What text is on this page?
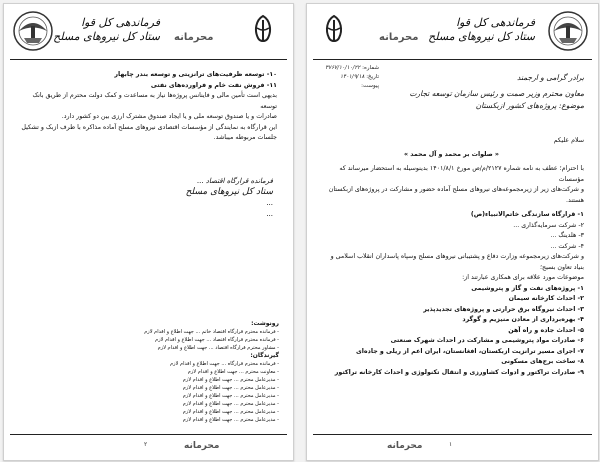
فرماندهی کل قوا
ستاد کل نیروهای مسلح محرمانه
۱۰- توسعه ظرفیت‌های ترانزیتی و توسعه بندر چابهار
۱۱- فروش نفت خام و فراورده‌های نفتی
بدیهی است تأمین مالی و فاینانس پروژه‌ها نیاز به مساعدت و کمک دولت محترم از طریق بانک توسعه
صادرات و یا صندوق توسعه ملی و یا ایجاد صندوق مشترک ارزی بین دو کشور دارد.
این قرارگاه به نمایندگی از مؤسسات اقتصادی نیروهای مسلح آماده مذاکره با طرف ازبک و تشکیل
جلسات مربوطه میباشد.
فرمانده قرارگاه اقتصاد ...
ستاد کل نیروهای مسلح
...
...
رونوشت:
- فرمانده محترم قرارگاه اقتصاد خاتم ... جهت اطلاع و اقدام لازم
- فرمانده محترم قرارگاه اقتصاد ... جهت اطلاع و اقدام لازم
- مشاور محترم قرارگاه اقتصاد ... جهت اطلاع و اقدام لازم
گیرندگان:
- فرمانده محترم قرارگاه ... جهت اطلاع و اقدام لازم
- معاونت محترم ... جهت اطلاع و اقدام لازم
- مدیرعامل محترم ... جهت اطلاع و اقدام لازم
- مدیرعامل محترم ... جهت اطلاع و اقدام لازم
- مدیرعامل محترم ... جهت اطلاع و اقدام لازم
- مدیرعامل محترم ... جهت اطلاع و اقدام لازم
- مدیرعامل محترم ... جهت اطلاع و اقدام لازم
- مدیرعامل محترم ... جهت اطلاع و اقدام لازم
۲	محرمانه
محرمانه
فرماندهی کل قوا
ستاد کل نیروهای مسلح
شماره: ۳۷۶۷/۱۰/۱۰/۲۲
تاریخ: ۱۴۰۱/۹/۱۸
پیوست:
برادر گرامی و ارجمند
معاون محترم وزیر صمت و رئیس سازمان توسعه تجارت
موضوع: پروژه‌های کشور ازبکستان
سلام علیکم
« صلوات بر محمد و آل محمد »
با احترام؛ عطف به نامه شماره ۲۱۲۷/م/ص مورخ ۱۴۰۱/۸/۱ بدینوسیله به استحضار میرساند که مؤسسات
و شرکت‌های زیر از زیرمجموعه‌های نیروهای مسلح آماده حضور و مشارکت در پروژه‌های ازبکستان
هستند.
۱- قرارگاه سازندگی خاتم‌الانبیاء(ص)
۲- شرکت سرمایه‌گذاری ...
۳- هلدینگ ...
۴- شرکت ...
و شرکت‌های زیرمجموعه وزارت دفاع و پشتیبانی نیروهای مسلح وسپاه پاسداران انقلاب اسلامی و
بنیاد تعاون بسیج؛
موضوعات مورد علاقه برای همکاری عبارتند از:
۱- پروژه‌های نفت و گاز و پتروشیمی
۲- احداث کارخانه سیمان
۳- احداث نیروگاه برق حرارتی و پروژه‌های تجدیدپذیر
۴- بهره‌برداری از معادن منیزیم و گوگرد
۵- احداث جاده و راه آهن
۶- صادرات مواد پتروشیمی و مشارکت در احداث شهرک صنعتی
۷- اجرای مسیر ترانزیت ازبکستان، افغانستان، ایران اعم از ریلی و جاده‌ای
۸- ساخت برج‌های مسکونی
۹- صادرات تراکتور و ادوات کشاورزی و انتقال تکنولوژی و احداث کارخانه تراکتور
محرمانه	۱
